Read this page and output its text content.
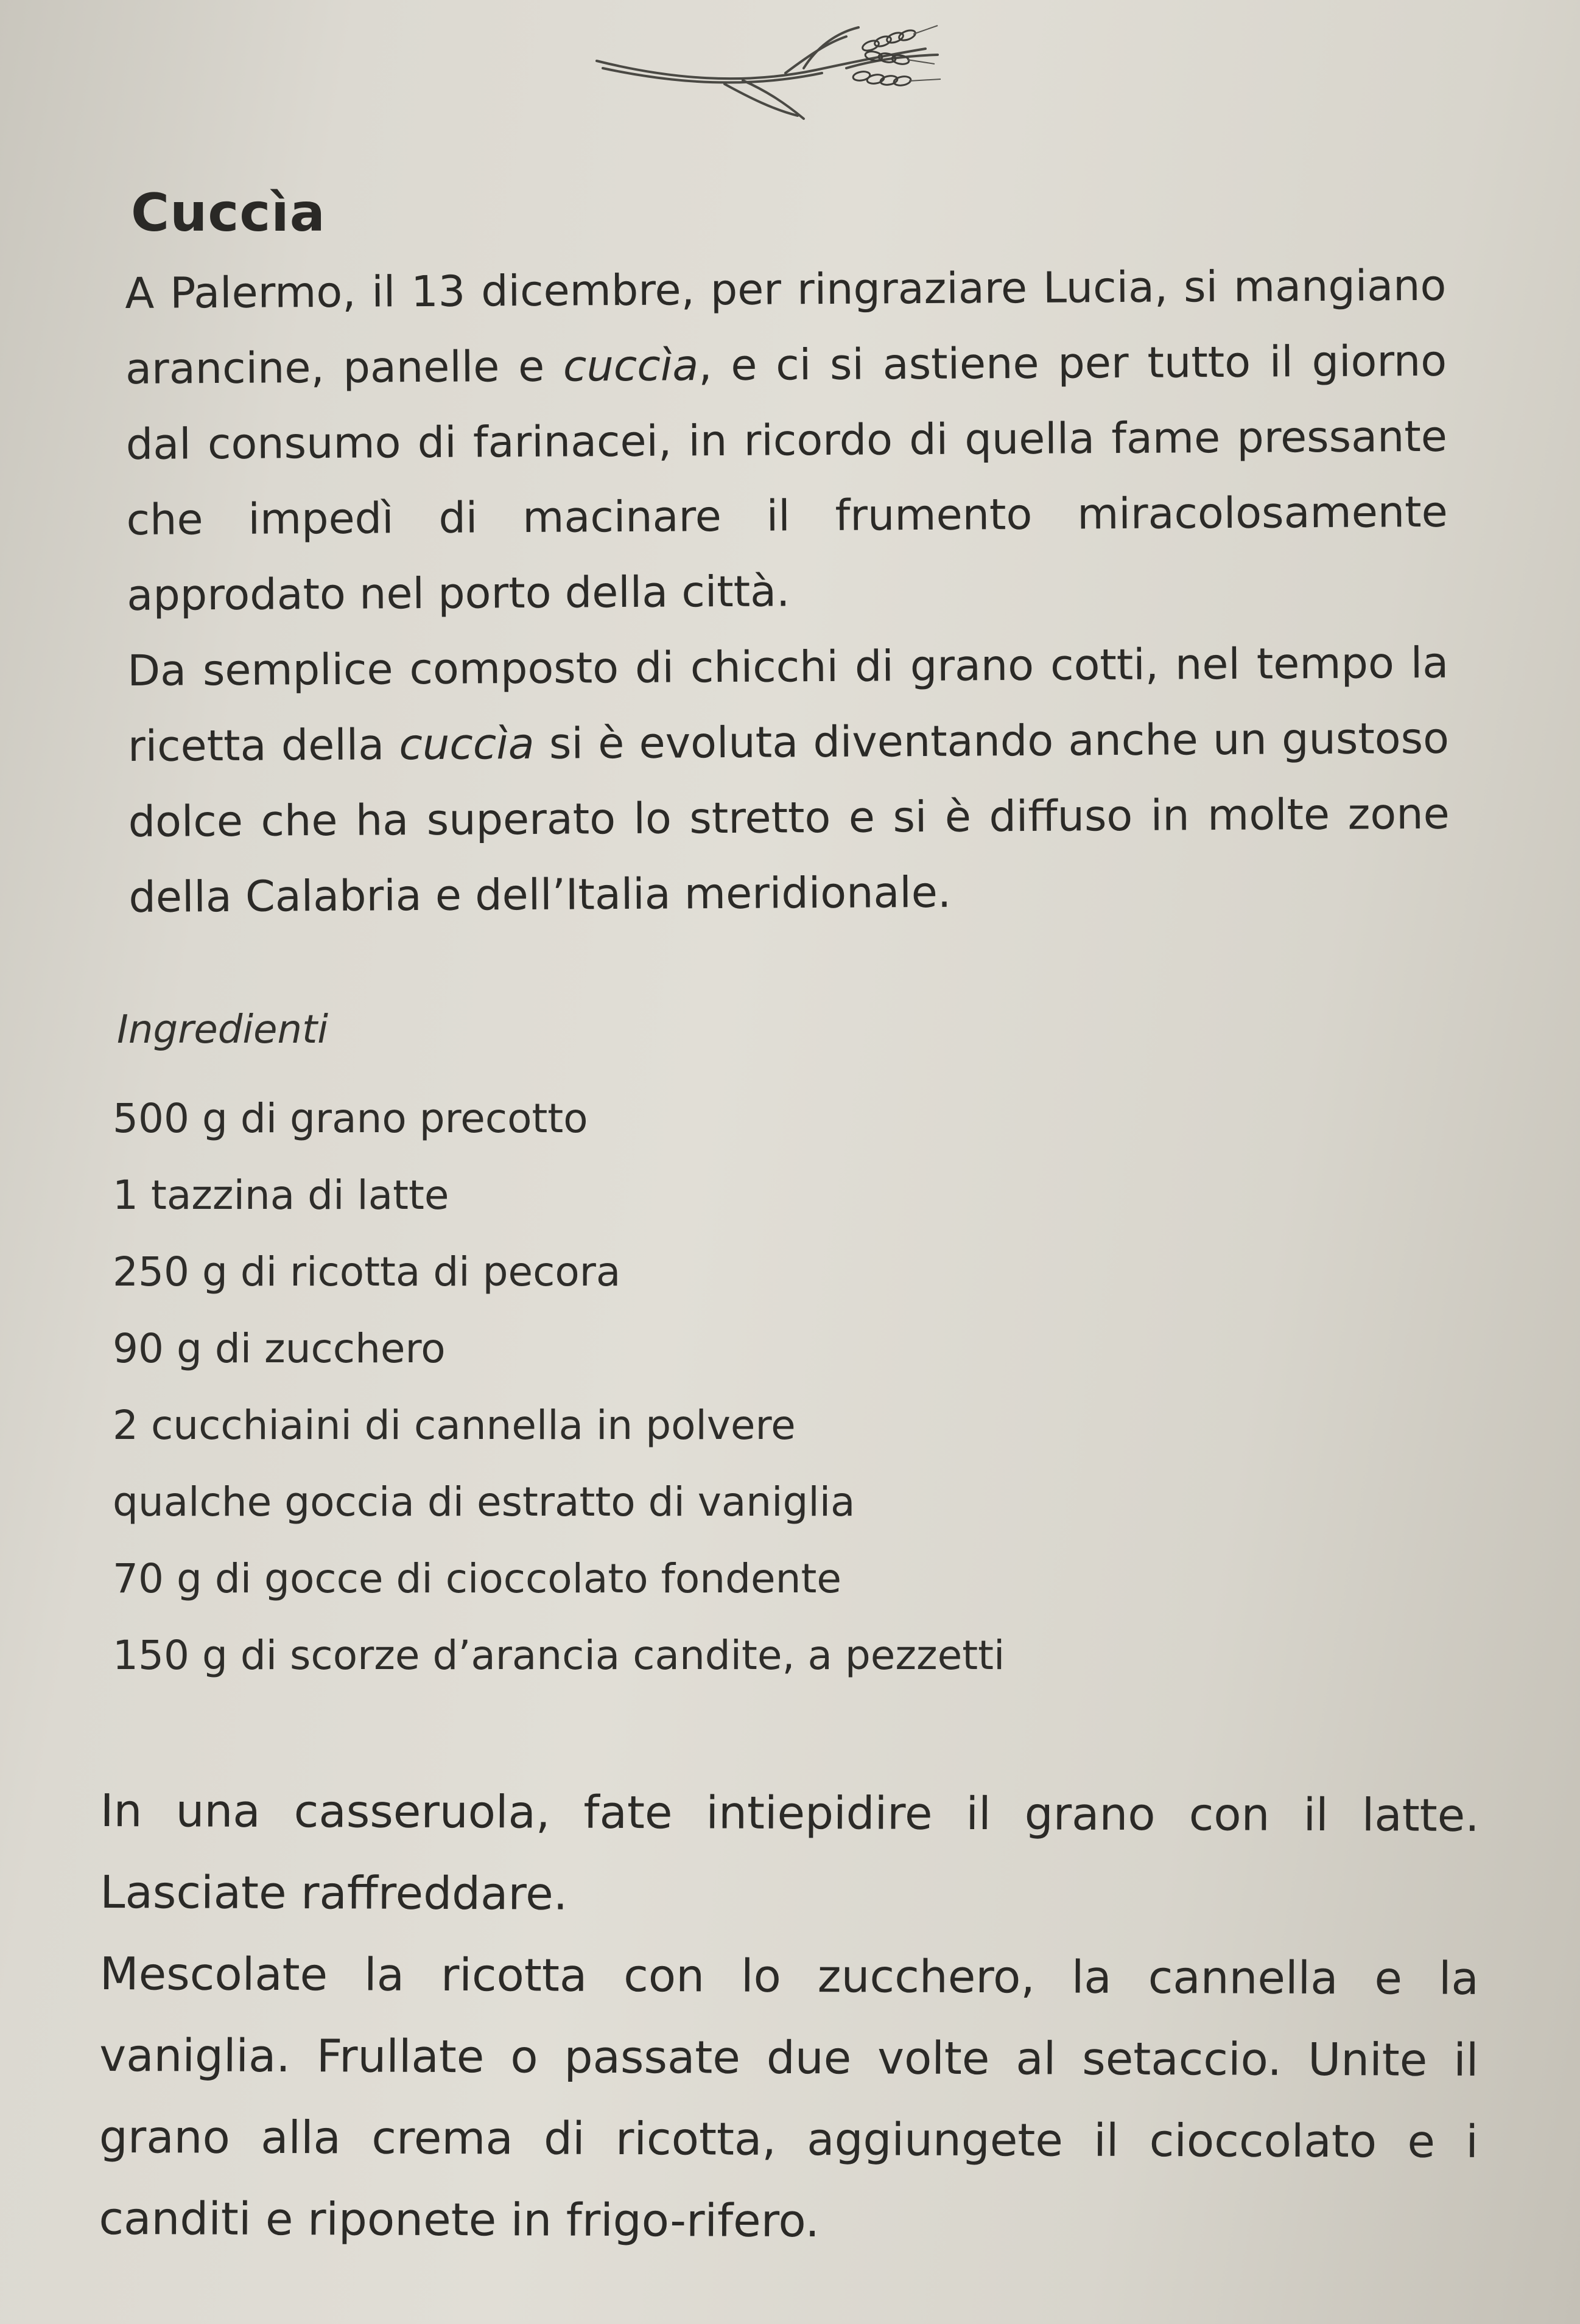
Cuccìa

A Palermo, il 13 dicembre, per ringraziare Lucia, si mangiano arancine, panelle e cuccìa, e ci si astiene per tutto il giorno dal consumo di farinacei, in ricordo di quella fame pressante che impedì di macinare il frumento miracolosamente approdato nel porto della città.

Da semplice composto di chicchi di grano cotti, nel tempo la ricetta della cuccìa si è evoluta diventando anche un gustoso dolce che ha superato lo stretto e si è diffuso in molte zone della Calabria e dell’Italia meridionale.

Ingredienti
500 g di grano precotto
1 tazzina di latte
250 g di ricotta di pecora
90 g di zucchero
2 cucchiaini di cannella in polvere
qualche goccia di estratto di vaniglia
70 g di gocce di cioccolato fondente
150 g di scorze d’arancia candite, a pezzetti

In una casseruola, fate intiepidire il grano con il latte. Lasciate raffreddare.

Mescolate la ricotta con lo zucchero, la cannella e la vaniglia. Frullate o passate due volte al setaccio. Unite il grano alla crema di ricotta, aggiungete il cioccolato e i canditi e riponete in frigo-rifero.
